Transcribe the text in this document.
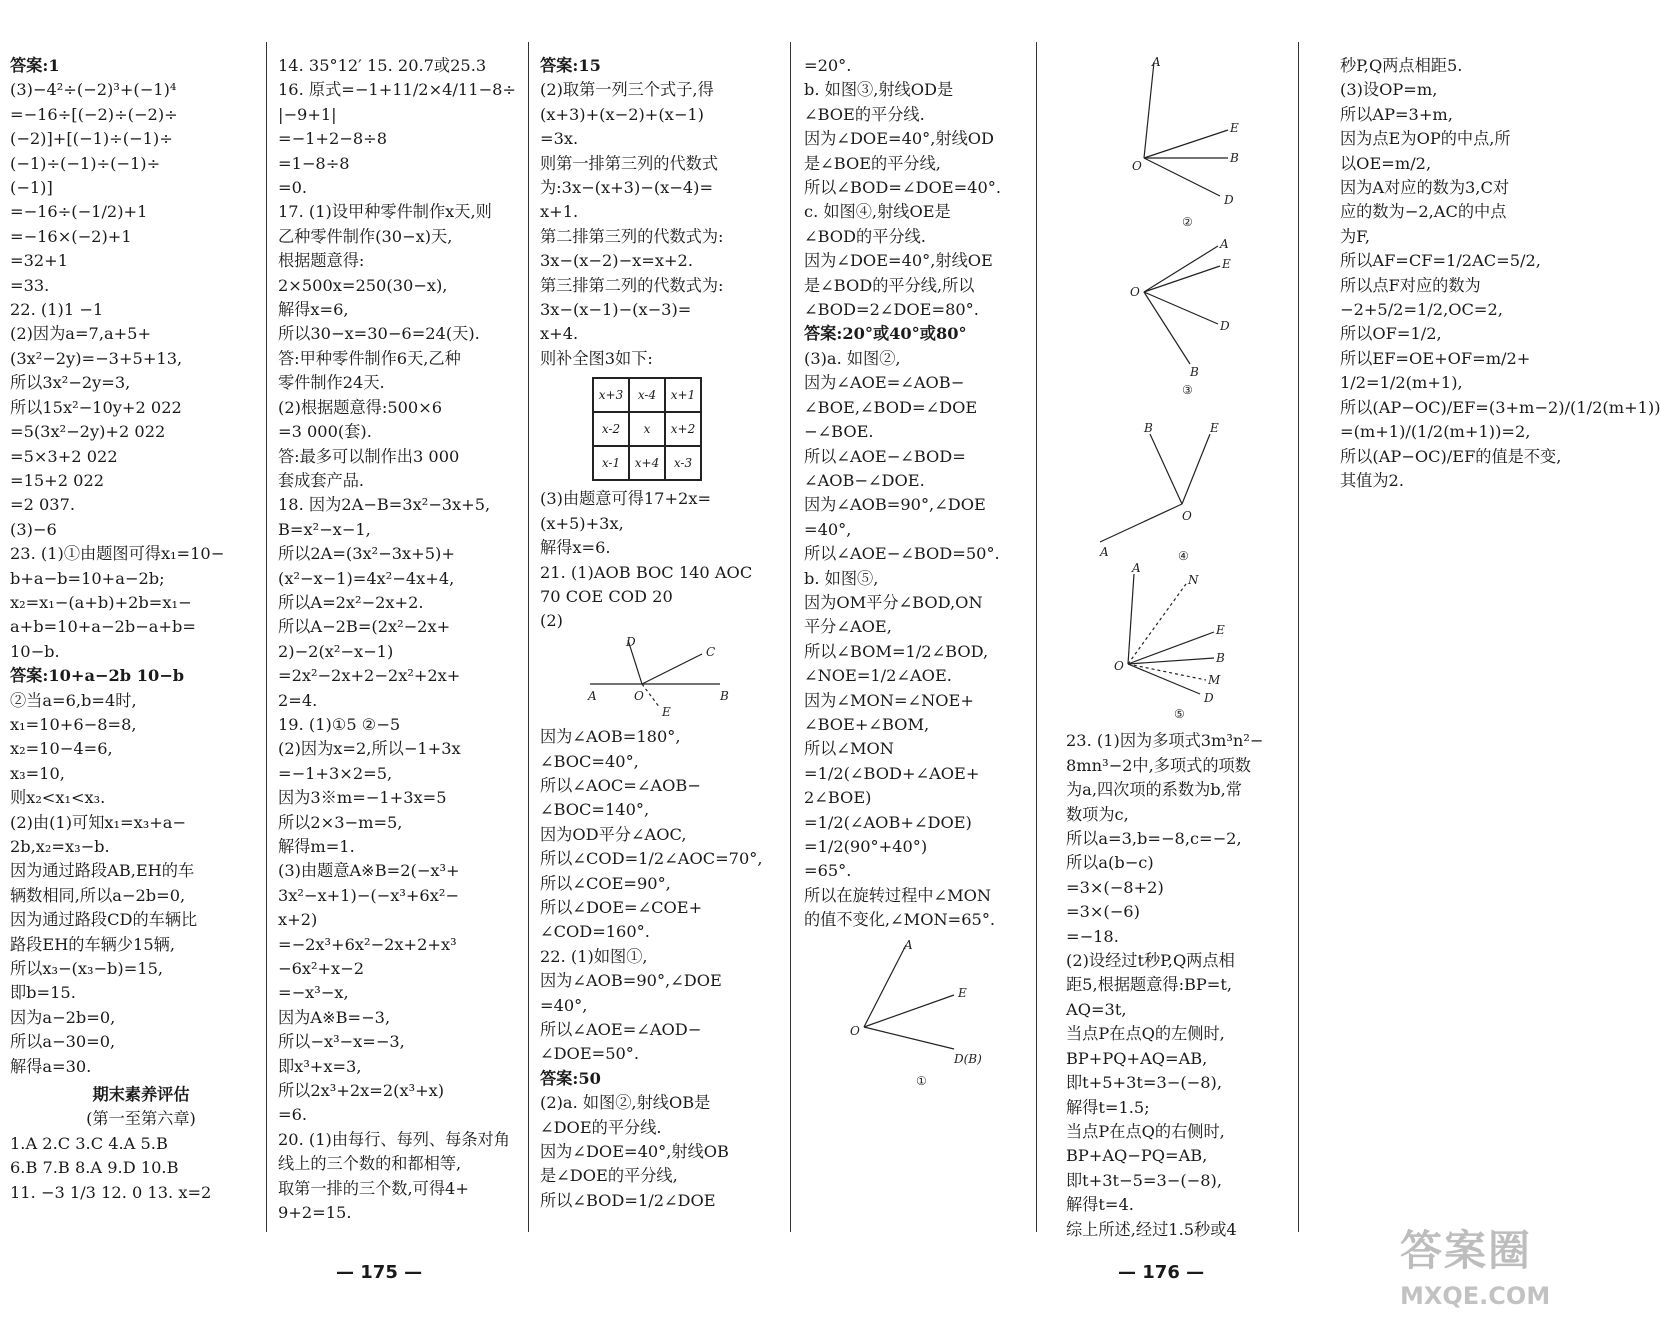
答案:1
(3)−4²÷(−2)³+(−1)⁴
=−16÷[(−2)÷(−2)÷
(−2)]+[(−1)÷(−1)÷
(−1)÷(−1)÷(−1)÷
(−1)]
=−16÷(−1/2)+1
=−16×(−2)+1
=32+1
=33.
22. (1)1 −1
(2)因为a=7,a+5+
(3x²−2y)=−3+5+13,
所以3x²−2y=3,
所以15x²−10y+2 022
=5(3x²−2y)+2 022
=5×3+2 022
=15+2 022
=2 037.
(3)−6
23. (1)①由题图可得x₁=10−
b+a−b=10+a−2b;
x₂=x₁−(a+b)+2b=x₁−
a+b=10+a−2b−a+b=
10−b.
答案:10+a−2b 10−b
②当a=6,b=4时,
x₁=10+6−8=8,
x₂=10−4=6,
x₃=10,
则x₂<x₁<x₃.
(2)由(1)可知x₁=x₃+a−
2b,x₂=x₃−b.
因为通过路段AB,EH的车
辆数相同,所以a−2b=0,
因为通过路段CD的车辆比
路段EH的车辆少15辆,
所以x₃−(x₃−b)=15,
即b=15.
因为a−2b=0,
所以a−30=0,
解得a=30.
期末素养评估
(第一至第六章)
1.A 2.C 3.C 4.A 5.B
6.B 7.B 8.A 9.D 10.B
11. −3 1/3 12. 0 13. x=2
14. 35°12′ 15. 20.7或25.3
16. 原式=−1+11/2×4/11−8÷
|−9+1|
=−1+2−8÷8
=1−8÷8
=0.
17. (1)设甲种零件制作x天,则
乙种零件制作(30−x)天,
根据题意得:
2×500x=250(30−x),
解得x=6,
所以30−x=30−6=24(天).
答:甲种零件制作6天,乙种
零件制作24天.
(2)根据题意得:500×6
=3 000(套).
答:最多可以制作出3 000
套成套产品.
18. 因为2A−B=3x²−3x+5,
B=x²−x−1,
所以2A=(3x²−3x+5)+
(x²−x−1)=4x²−4x+4,
所以A=2x²−2x+2.
所以A−2B=(2x²−2x+
2)−2(x²−x−1)
=2x²−2x+2−2x²+2x+
2=4.
19. (1)①5 ②−5
(2)因为x=2,所以−1+3x
=−1+3×2=5,
因为3※m=−1+3x=5
所以2×3−m=5,
解得m=1.
(3)由题意A※B=2(−x³+
3x²−x+1)−(−x³+6x²−
x+2)
=−2x³+6x²−2x+2+x³
−6x²+x−2
=−x³−x,
因为A※B=−3,
所以−x³−x=−3,
即x³+x=3,
所以2x³+2x=2(x³+x)
=6.
20. (1)由每行、每列、每条对角
线上的三个数的和都相等,
取第一排的三个数,可得4+
9+2=15.
答案:15
(2)取第一列三个式子,得
(x+3)+(x−2)+(x−1)
=3x.
则第一排第三列的代数式
为:3x−(x+3)−(x−4)=
x+1.
第二排第三列的代数式为:
3x−(x−2)−x=x+2.
第三排第二列的代数式为:
3x−(x−1)−(x−3)=
x+4.
则补全图3如下:
x+3	x-4	x+1
x-2	x	x+2
x-1	x+4	x-3
(3)由题意可得17+2x=
(x+5)+3x,
解得x=6.
21. (1)AOB BOC 140 AOC
70 COE COD 20
(2)
D
C
A	O	B
E
因为∠AOB=180°,
∠BOC=40°,
所以∠AOC=∠AOB−
∠BOC=140°,
因为OD平分∠AOC,
所以∠COD=1/2∠AOC=70°,
所以∠COE=90°,
所以∠DOE=∠COE+
∠COD=160°.
22. (1)如图①,
因为∠AOB=90°,∠DOE
=40°,
所以∠AOE=∠AOD−
∠DOE=50°.
答案:50
(2)a. 如图②,射线OB是
∠DOE的平分线.
因为∠DOE=40°,射线OB
是∠DOE的平分线,
所以∠BOD=1/2∠DOE
=20°.
b. 如图③,射线OD是
∠BOE的平分线.
因为∠DOE=40°,射线OD
是∠BOE的平分线,
所以∠BOD=∠DOE=40°.
c. 如图④,射线OE是
∠BOD的平分线.
因为∠DOE=40°,射线OE
是∠BOD的平分线,所以
∠BOD=2∠DOE=80°.
答案:20°或40°或80°
(3)a. 如图②,
因为∠AOE=∠AOB−
∠BOE,∠BOD=∠DOE
−∠BOE.
所以∠AOE−∠BOD=
∠AOB−∠DOE.
因为∠AOB=90°,∠DOE
=40°,
所以∠AOE−∠BOD=50°.
b. 如图⑤,
因为OM平分∠BOD,ON
平分∠AOE,
所以∠BOM=1/2∠BOD,
∠NOE=1/2∠AOE.
因为∠MON=∠NOE+
∠BOE+∠BOM,
所以∠MON
=1/2(∠BOD+∠AOE+
2∠BOE)
=1/2(∠AOB+∠DOE)
=1/2(90°+40°)
=65°.
所以在旋转过程中∠MON
的值不变化,∠MON=65°.
A
E
O
D(B)
①
A
E
B
O
D
②
A
E
O
D
B
③
B	E
O
A	④
A
N
E
O
B
M
D
⑤
23. (1)因为多项式3m³n²−
8mn³−2中,多项式的项数
为a,四次项的系数为b,常
数项为c,
所以a=3,b=−8,c=−2,
所以a(b−c)
=3×(−8+2)
=3×(−6)
=−18.
(2)设经过t秒P,Q两点相
距5,根据题意得:BP=t,
AQ=3t,
当点P在点Q的左侧时,
BP+PQ+AQ=AB,
即t+5+3t=3−(−8),
解得t=1.5;
当点P在点Q的右侧时,
BP+AQ−PQ=AB,
即t+3t−5=3−(−8),
解得t=4.
综上所述,经过1.5秒或4
秒P,Q两点相距5.
(3)设OP=m,
所以AP=3+m,
因为点E为OP的中点,所
以OE=m/2,
因为A对应的数为3,C对
应的数为−2,AC的中点
为F,
所以AF=CF=1/2AC=5/2,
所以点F对应的数为
−2+5/2=1/2,OC=2,
所以OF=1/2,
所以EF=OE+OF=m/2+
1/2=1/2(m+1),
所以(AP−OC)/EF=(3+m−2)/(1/2(m+1))
=(m+1)/(1/2(m+1))=2,
所以(AP−OC)/EF的值是不变,
其值为2.
— 175 —	— 176 —	答案圈
MXQE.COM
